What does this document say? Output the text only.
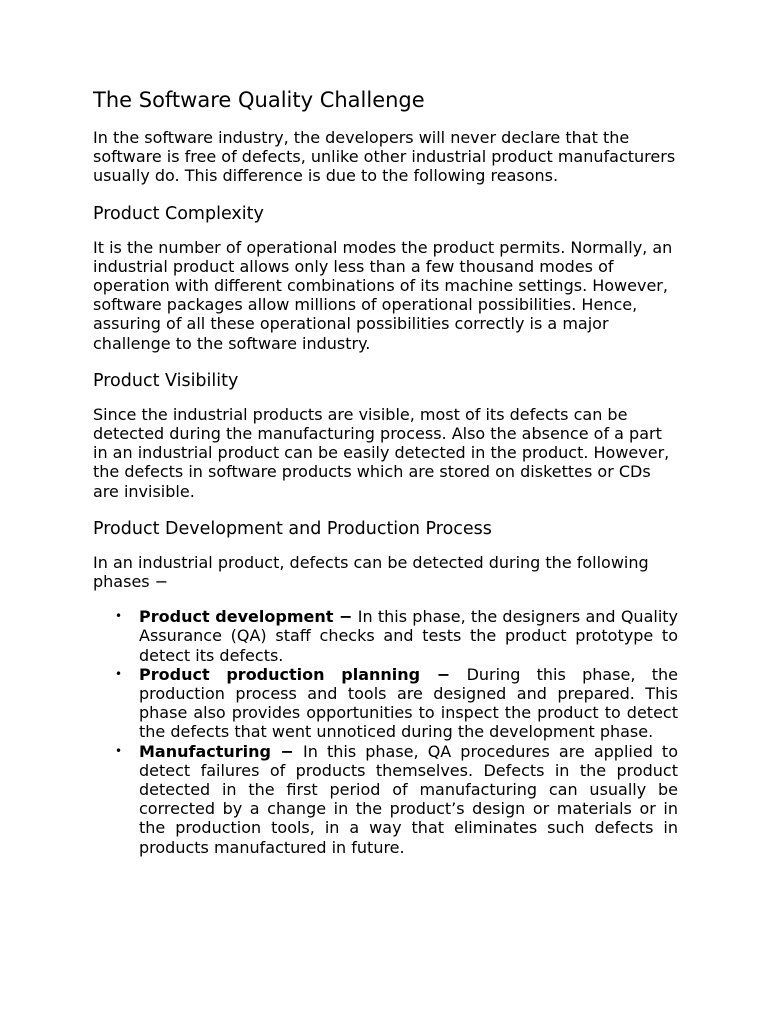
The Software Quality Challenge

In the software industry, the developers will never declare that the software is free of defects, unlike other industrial product manufacturers usually do. This difference is due to the following reasons.

Product Complexity

It is the number of operational modes the product permits. Normally, an industrial product allows only less than a few thousand modes of operation with different combinations of its machine settings. However, software packages allow millions of operational possibilities. Hence, assuring of all these operational possibilities correctly is a major challenge to the software industry.

Product Visibility

Since the industrial products are visible, most of its defects can be detected during the manufacturing process. Also the absence of a part in an industrial product can be easily detected in the product. However, the defects in software products which are stored on diskettes or CDs are invisible.

Product Development and Production Process

In an industrial product, defects can be detected during the following phases −

• Product development − In this phase, the designers and Quality Assurance (QA) staff checks and tests the product prototype to detect its defects.
• Product production planning − During this phase, the production process and tools are designed and prepared. This phase also provides opportunities to inspect the product to detect the defects that went unnoticed during the development phase.
• Manufacturing − In this phase, QA procedures are applied to detect failures of products themselves. Defects in the product detected in the first period of manufacturing can usually be corrected by a change in the product’s design or materials or in the production tools, in a way that eliminates such defects in products manufactured in future.
